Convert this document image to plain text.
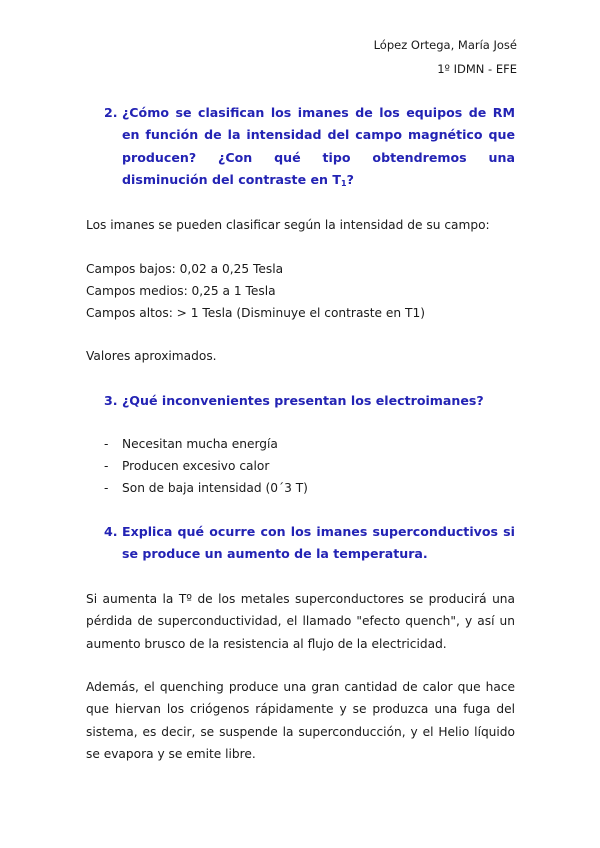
López Ortega, María José
1º IDMN - EFE
2. ¿Cómo se clasifican los imanes de los equipos de RM en función de la intensidad del campo magnético que producen? ¿Con qué tipo obtendremos una disminución del contraste en $T_1$?

Los imanes se pueden clasificar según la intensidad de su campo:

Campos bajos: 0,02 a 0,25 Tesla

Campos medios: 0,25 a 1 Tesla

Campos altos: > 1 Tesla (Disminuye el contraste en T1)

Valores aproximados.

3. ¿Qué inconvenientes presentan los electroimanes?
- Necesitan mucha energía
- Producen excesivo calor
- Son de baja intensidad (0´3 T)
4. Explica qué ocurre con los imanes superconductivos si se produce un aumento de la temperatura.

Si aumenta la Tº de los metales superconductores se producirá una pérdida de superconductividad, el llamado "efecto quench", y así un aumento brusco de la resistencia al flujo de la electricidad.

Además, el quenching produce una gran cantidad de calor que hace que hiervan los criógenos rápidamente y se produzca una fuga del sistema, es decir, se suspende la superconducción, y el Helio líquido se evapora y se emite libre.
